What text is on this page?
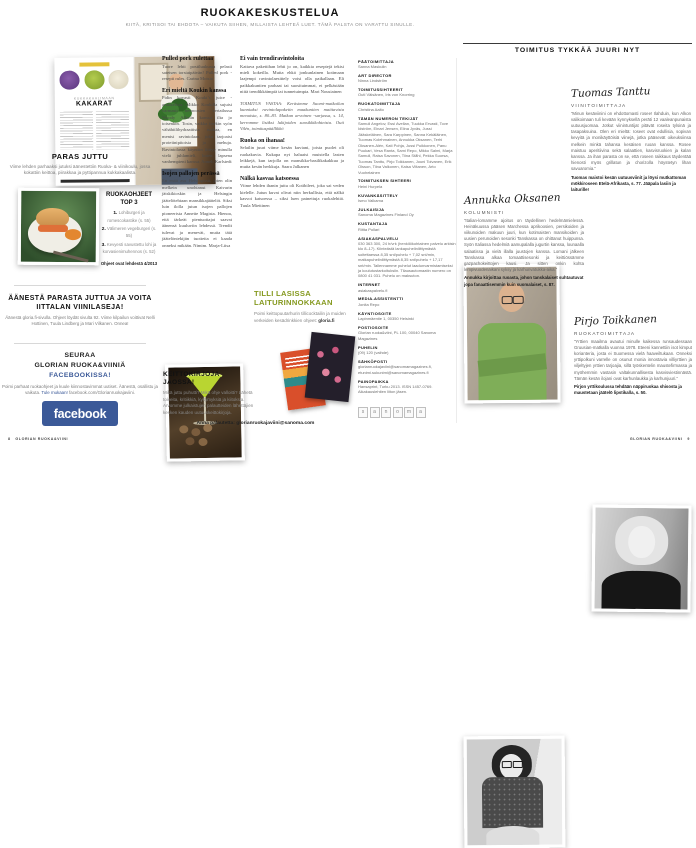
RUOKAKESKUSTELUA
KIITÄ, KRITISOI TAI EHDOTA – VAIKUTA SIIHEN, MILLAISTA LEHTEÄ LUET. TÄMÄ PALSTA ON VARATTU SINULLE.
KUKKAKAALIMAAN
KAKARAT
PARAS JUTTU
Viime lehden parhaaksi jutuksi äänestettiin Ruoka- & viinikoulu, jossa kokattiin keittoa, piirakkaa ja pyttipannua kukkakaalista.
RUOKAOHJEET TOP 3
1. Lohiburgeri ja romescokastike (s. 55)
2. Välimeren vegeburgeri (s. 55)
3. Kevyesti savustettu lohi ja korvasienimuhennos (s. 52)
Ohjeet ovat lehdestä 4/2013
ÄÄNESTÄ PARASTA JUTTUA JA VOITA IITTALAN VIINILASEJA!
Äänestä gloria.fi-sivulla. Ohjeet löydät sivulta 92. Viime kilpailun voittivat Nelli Hottinen, Tuula Lindberg ja Mari Vilkanen. Onnea!
SEURAA
GLORIAN RUOKA&VIINIÄ
FACEBOOKISSA!
Poimi parhaat ruokaohjeet ja kuule kiinnostavimmat uutiset. Äänestä, osallistu ja vaikuta. Tule mukaan! facebook.com/Glorianruokajaviini.
facebook
Pulled pork rulettaa

Tuore lehti postiluukussa pelasti sateisen torstaipäivän! Pulled pork -resepti rules. Carina Moisio

Eri mieltä Koukin kanssa

Pidin kovasti Kouki’s juice -artikkelista. Mikko Koukilla sujuisi varmasti neuroosien vertailussa Woody Allenin kanssa ilta jo toisenkin. Tosin, vaikka itsekin syön vähähiilihydraattista ruokaa, en menisi ravintolaan, joka tarjoaisi proteiinipitoisia ja mehuja. Ravintolassa käyntiin liittyy minulla vielä juhlamieli, kuten lapsena vanhempieni kanssa. Anneli Karlstedt

Isojen pallojen perässä

En enää asu Helsingissä, joten olin melkein unohtanut Kaivarin jätskikioskin ja Helsingin jäätelötehtaan mansikkajäätelöt. Siksi luin ilolla jutun isojen pallojen pioneerista Annette Magista. Hienoa, että tärkeät pientuottajat saavat äänensä kuuluviin lehdessä. Trendit tulevat ja menevät, mutta tätä jäätelöntekijän tuotteita ei kaada onneksi mikään. Nimim. Marja-Liisa

Ei vain trendiravintoloita

Kattava pakettihan lehti jo on, kaikkia reseptejä tekisi mieli kokeilla. Mutta ehkä jonkunlainen kotimaan laajempi ravintolaesittely voisi olla paikallaan. Eli paikkakuntien parhaat tai suosituimmat, ei pelkästään niitä trendikkäimpiä tai tunnetuimpia. Mari Nousiainen

TOIMITUS VASTAA: Keräsimme Suomi-matkailun kunniaksi ravintolapaketin maakuntien maittavista menuista, s. 80–83. Matkan arvoinen -sarjassa, s. 14, kerromme lisäksi lukijoiden suosikkikohteista. Outi Vilén, toimituspäällikkö

Ruoka on ihanaa!

Selailin juuri viime kesän kuviani, joista puolet oli ruokakuvia. Kukapa nyt haluaisi muistella lasten leikkejä, kun tarjolla on mansikka-basilikakakkua ja muita kesän herkkuja. Saara Jalkanen

Nälkä kasvaa katsoessa

Viime lehden ihanin juttu oli Kotibileet, joka sai veden kielelle. Jutun kuvat olivat niin herkullisia, että nälkä kasvoi katsoessa – siksi luen painettuja ruokalehtiä. Tuula Miettinen

TILLI LASISSA LAITURINNOKKAAN
Poimi keittopuutarhurin tillicocktailin ja muiden verkeiden kesädrinkkien ohjeet: gloria.fi
KEITTOKIRJOJA JAOSSA!
Mikä juttu puhutti? Mikä ohje valloitti? Lähetä toiveita, kritiikkiä, kysymyksiä ja kiitoksia. Arvomme julkaistujen palautteiden lähettäjien kesken kauden uutuuskeittokirjoja.
Anna palautetta: glorianruokajaviini@sanoma.com
8   GLORIAN RUOKA&VIINI
PÄÄTOIMITTAJA
Sanna Maskulin
ART DIRECTOR
Ninna Lindström
TOIMITUSSIHTEERIT
Outi Väisänen, Iris von Knorring
RUOKATOIMITTAJA
Christina Aalto
TÄMÄN NUMERON TEKIJÄT
Samuli Angelov, Essi Avellan, Tuukka Ervasti, Tove Idström, Einari Jensen, Elina Jyväs, Jussi Jääskeläinen, Sara Karppinen, Sanna Kekäläinen, Tuomas Kolehmainen, Annukka Oksanen, Terhi Oksanen-Alén, Kati Pohja, Jussi Puikkonen, Panu Puukari, Vesa Ranta, Sami Repo, Mikko Salmi, Marja Samuli, Raisa Savonen, Tiina Ståhl, Pekka Suorsa, Tuomas Tanttu, Pirjo Toikkanen, Jouni Toivanen, Erik Olsson, Tiina Valkonen, Kaisa Viitanen, Arto Vuohelainen
TOIMITUKSEN SIHTEERI
Heini Hurpela
KUVANKÄSITTELY
Ismo Valkama
JULKAISIJA
Sanoma Magazines Finland Oy
KUSTANTAJA
Riitta Pollari
ASIAKASPALVELU
030 363 300, 24 h/vrk (henkilökohtainen palvelu arkisin klo 8–17). Kiinteästä lankapuhelinliittymästä soitettaessa 8,35 snt/puhelu + 7,02 snt/min, matkapuhelinliittymästä 8,35 snt/puhelu + 17,17 snt/min. Tallennamme puhelut laadunvarmistamiseksi ja koulutustarkoituksiin. Tilausautomaatin numero on 0800 41 031. Puhelu on maksuton.
INTERNET
asiakaspalvelu.fi
MEDIA-ASSISTENTTI
Jonita Repo
KÄYNTIOSOITE
Lapinmäentie 1, 00350 Helsinki
POSTIOSOITE
Glorian ruoka&viini, PL 100, 00040 Sanoma Magazines
PUHELIN
(09) 120 (vaihde)
SÄHKÖPOSTI
glorianruokajaviini@sanomamagazines.fi, etunimi.sukunimi@sanomamagazines.fi
PAINOPAIKKA
Hansaprint, Turku 2013. ISSN 1457-0769. Aikakauslehtien liiton jäsen.
s	a	n	o	m	a
TOIMITUS TYKKÄÄ JUURI NYT
Tuomas Tanttu
VIINITOIMITTAJA
”Minun kesäviinini on ehdottomasti rosee! Ilahduin, kun Alkon valikoimaan tuli kevään kynnyksellä peräti 12 vaaleanpunaista uutuusjuomaa. Jotkut viinintuntijat pitävät roseita tylsinä ja tasapaksuina. Olen eri mieltä: roseet ovat edullisia, sopivan kevyitä ja monikäyttöisiä viinejä, jotka pääsevät oikeuksiinsa melkein minkä tahansa kesäisen ruoan kanssa. Rosee maistuu aperitiivina sekä salaattien, kasvisruokien ja kalan kanssa. Ja ihan parasta on se, että roseen raikkaus täydentää hienosti myös grillatun ja chorizolla höystetyn lihan savuaromia.”
Tuomas maistoi kesän uutuusviinit ja löysi mutkattoman mökkiroseen Etelä-Afrikasta, s. 77. Jääpala lasiin ja laiturille!
Annukka Oksanen
KOLUMNISTI
”Italian-lomamme ajoitus on täydellinen hedelmämielessä. Heinäkuussa pääsen Marchessa aprikoosien, persikoiden ja viikunoiden makuun juuri, kun kotimaisten mansikoiden ja uusien perunoiden sesonki Tanskassa on ohittanut huippunsa. Syön Italiassa hedelmiä aamupalalla jugurtin kanssa, lounaalla salaatissa ja vielä illalla juustojen kanssa. Lomani jälkeen Tanskassa alkaa tomaattisesonki ja keittiössämme gazpachokeittojen kausi. Ja sitten onkin kohta lempivuodenaikani syksy ja karhunvatukka-aika.”
Annukka kirjoittaa ruoasta, johon tanskalaiset suhtautuvat jopa fanaattisemmin kuin suomalaiset, s. 87.
Pirjo Toikkanen
RUOKATOIMITTAJA
”Yrttien maailma avautui minulle kaikessa runsaudessaan Gruusian-matkalla vuonna 1978. Eteeni kannettiin isot kimput korianteria, josta ei Suomessa vielä haaveiltukaan. Onneksi yrttipolkuni varrelle on osunut monia innostavia villiyrttien ja viljeltyjen yrttien tarjoajia, sillä työskentelin maustefirmassa ja myöhemmin vastasin valtakunnallisesta kasvisviestinnästä. Tämän kesän ilojani ovat karhunlaukka ja karhunjuuri.”
Pirjon yrttikoulussa tehdään näppiruokaa shisosta ja maustetaan jäätelö lipstikalla, s. 50.
GLORIAN RUOKA&VIINI   9
